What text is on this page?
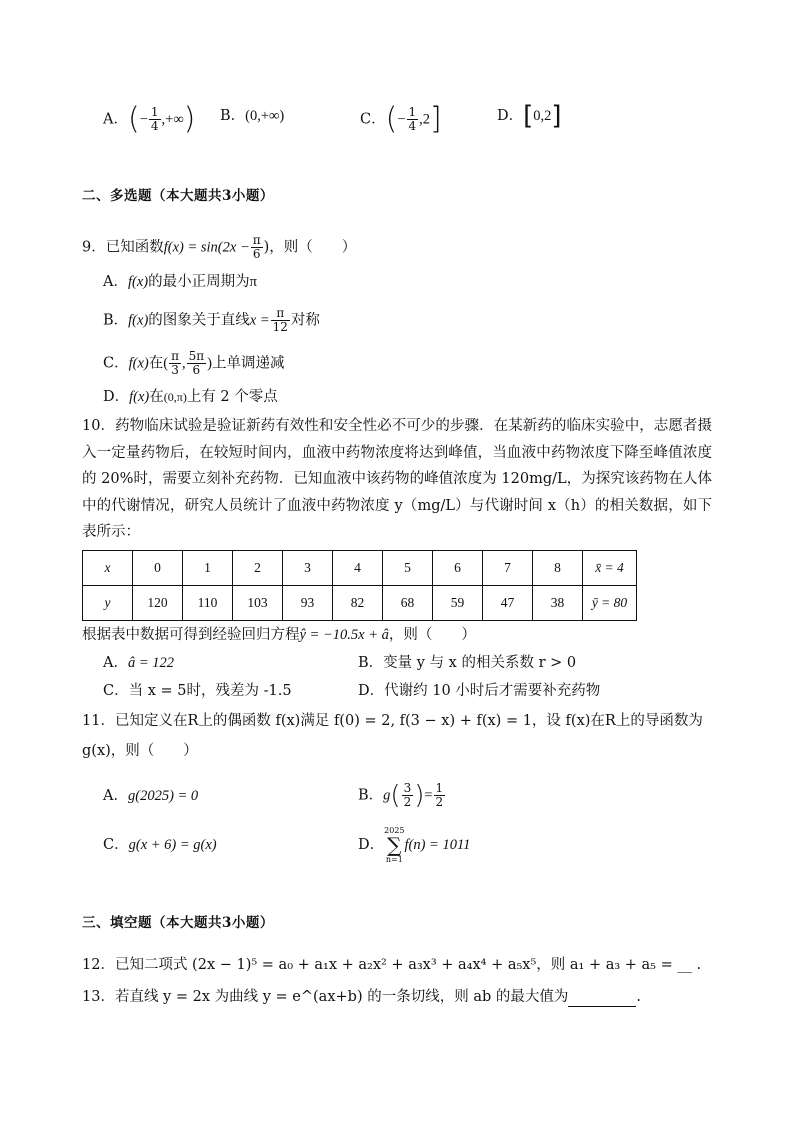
A．(− $\frac{1}{4}$ ,+∞) B．(0,+∞)	C．(− $\frac{1}{4} ,2$]	D．[0,2]
二、多选题（本大题共3小题）
9．已知函数$f(x) = \sin(2x - \frac{\pi}{6}$ )，则（　　）
A．f(x)的最小正周期为π
B．f(x)的图象关于直线$x = \frac{\pi}{12}$ 对称
C．f(x)在( $\frac{\pi}{3}$ , $\frac{5\pi}{6}$ )上单调递减
D．f(x)在(0,π)上有 2 个零点
10．药物临床试验是验证新药有效性和安全性必不可少的步骤．在某新药的临床实验中，志愿者摄入一定量药物后，在较短时间内，血液中药物浓度将达到峰值，当血液中药物浓度下降至峰值浓度的 20%时，需要立刻补充药物．已知血液中该药物的峰值浓度为 120mg/L，为探究该药物在人体中的代谢情况，研究人员统计了血液中药物浓度 y（mg/L）与代谢时间 x（h）的相关数据，如下表所示：
x	0	1	2	3	4	5	6	7	8	x̄ = 4
y	120	110	103	93	82	68	59	47	38	ȳ = 80
根据表中数据可得到经验回归方程ŷ = −10.5x + â，则（　　）
A．â = 122	B．变量 y 与 x 的相关系数 r > 0
C．当 x = 5时，残差为 -1.5	D．代谢约 10 小时后才需要补充药物
11．已知定义在R上的偶函数 f(x)满足 f(0) = 2, f(3 − x) + f(x) = 1，设 f(x)在R上的导函数为
g(x)，则（　　）
A．g(2025) = 0	B．$g( \frac{3}{2}$ )= $\frac{1}{2}$
C．g(x + 6) = g(x)	D．
2025
∑
n=1
f(n) = 1011
三、填空题（本大题共3小题）
12．已知二项式 (2x − 1)⁵ = a₀ + a₁x + a₂x² + a₃x³ + a₄x⁴ + a₅x⁵，则 a₁ + a₃ + a₅ = __ .
13．若直线 y = 2x 为曲线 y = e^(ax+b) 的一条切线，则 ab 的最大值为	.
